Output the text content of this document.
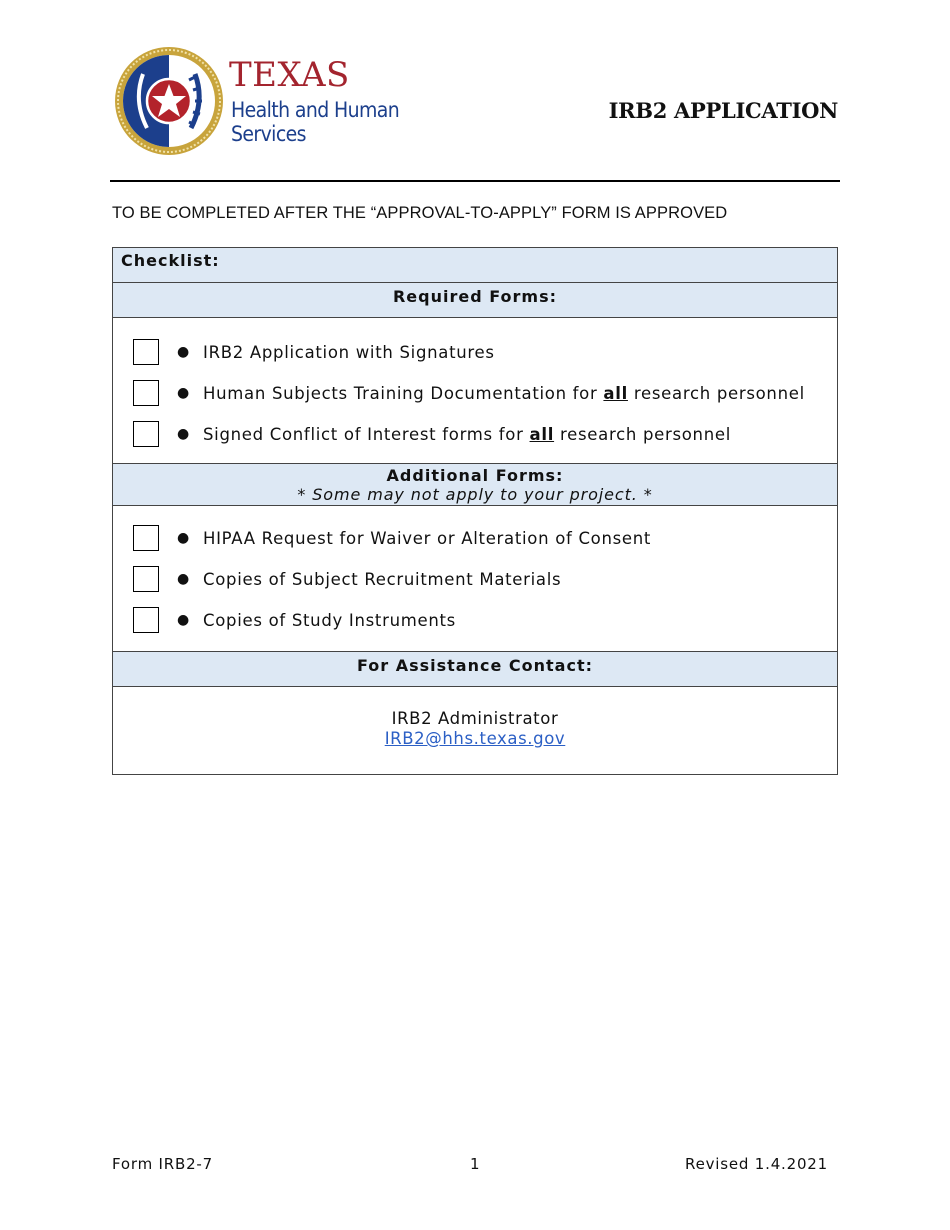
TEXAS
Health and Human
Services
IRB2 APPLICATION
TO BE COMPLETED AFTER THE “APPROVAL-TO-APPLY” FORM IS APPROVED
Checklist:
Required Forms:
● IRB2 Application with Signatures
● Human Subjects Training Documentation for all research personnel
● Signed Conflict of Interest forms for all research personnel
Additional Forms:
* Some may not apply to your project. *
● HIPAA Request for Waiver or Alteration of Consent
● Copies of Subject Recruitment Materials
● Copies of Study Instruments
For Assistance Contact:
IRB2 Administrator
IRB2@hhs.texas.gov
Form IRB2-7	1	Revised 1.4.2021
